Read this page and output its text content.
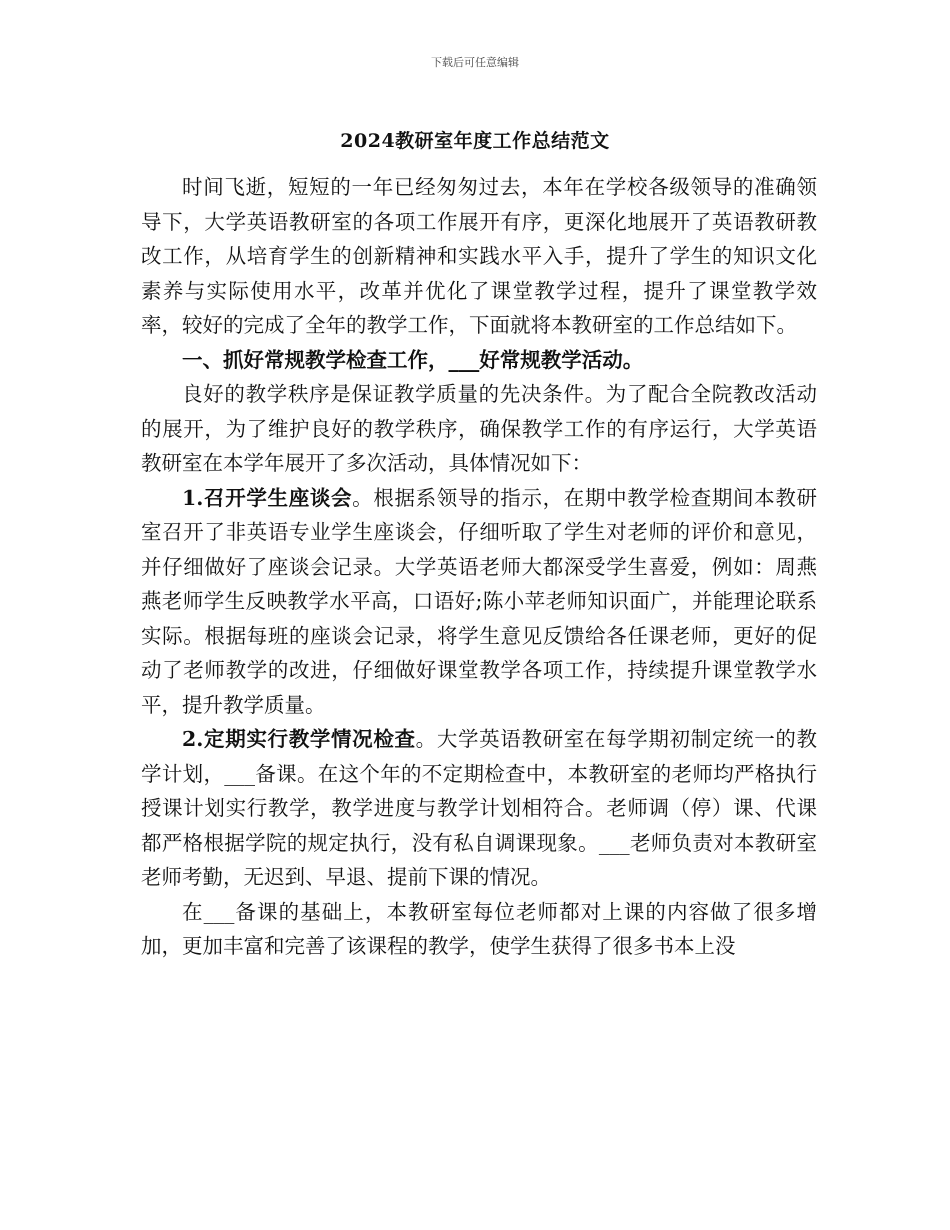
下载后可任意编辑
2024教研室年度工作总结范文

时间飞逝，短短的一年已经匆匆过去，本年在学校各级领导的准确领导下，大学英语教研室的各项工作展开有序，更深化地展开了英语教研教改工作，从培育学生的创新精神和实践水平入手，提升了学生的知识文化素养与实际使用水平，改革并优化了课堂教学过程，提升了课堂教学效率，较好的完成了全年的教学工作，下面就将本教研室的工作总结如下。

一、抓好常规教学检查工作，___好常规教学活动。

良好的教学秩序是保证教学质量的先决条件。为了配合全院教改活动的展开，为了维护良好的教学秩序，确保教学工作的有序运行，大学英语教研室在本学年展开了多次活动，具体情况如下：

1.召开学生座谈会。根据系领导的指示，在期中教学检查期间本教研室召开了非英语专业学生座谈会，仔细听取了学生对老师的评价和意见，并仔细做好了座谈会记录。大学英语老师大都深受学生喜爱，例如：周燕燕老师学生反映教学水平高，口语好;陈小苹老师知识面广，并能理论联系实际。根据每班的座谈会记录，将学生意见反馈给各任课老师，更好的促动了老师教学的改进，仔细做好课堂教学各项工作，持续提升课堂教学水平，提升教学质量。

2.定期实行教学情况检查。大学英语教研室在每学期初制定统一的教学计划，___备课。在这个年的不定期检查中，本教研室的老师均严格执行授课计划实行教学，教学进度与教学计划相符合。老师调（停）课、代课都严格根据学院的规定执行，没有私自调课现象。___老师负责对本教研室老师考勤，无迟到、早退、提前下课的情况。

在___备课的基础上，本教研室每位老师都对上课的内容做了很多增加，更加丰富和完善了该课程的教学，使学生获得了很多书本上没
